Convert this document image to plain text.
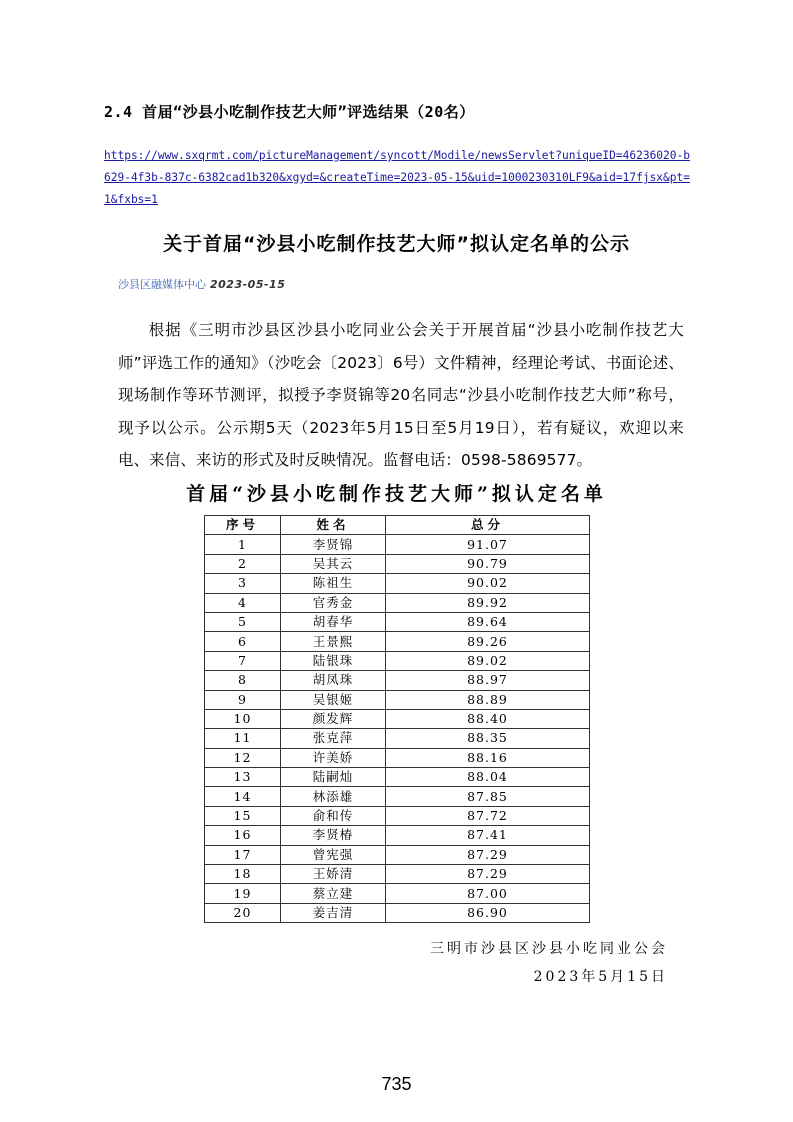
2.4 首届“沙县小吃制作技艺大师”评选结果（20名）
https://www.sxqrmt.com/pictureManagement/syncott/Modile/newsServlet?uniqueID=46236020-b629-4f3b-837c-6382cad1b320&xgyd=&createTime=2023-05-15&uid=1000230310LF9&aid=17fjsx&pt=1&fxbs=1
关于首届“沙县小吃制作技艺大师”拟认定名单的公示
沙县区融媒体中心 2023-05-15

根据《三明市沙县区沙县小吃同业公会关于开展首届“沙县小吃制作技艺大师”评选工作的通知》（沙吃会〔2023〕6号）文件精神，经理论考试、书面论述、现场制作等环节测评，拟授予李贤锦等20名同志“沙县小吃制作技艺大师”称号，现予以公示。公示期5天（2023年5月15日至5月19日），若有疑议，欢迎以来电、来信、来访的形式及时反映情况。监督电话：0598-5869577。

首届“沙县小吃制作技艺大师”拟认定名单
序号	姓名	总分
1	李贤锦	91.07
2	吴其云	90.79
3	陈祖生	90.02
4	官秀金	89.92
5	胡春华	89.64
6	王景熙	89.26
7	陆银珠	89.02
8	胡凤珠	88.97
9	吴银姬	88.89
10	颜发辉	88.40
11	张克萍	88.35
12	许美娇	88.16
13	陆嗣灿	88.04
14	林添雄	87.85
15	俞和传	87.72
16	李贤椿	87.41
17	曾宪强	87.29
18	王娇清	87.29
19	蔡立建	87.00
20	姜吉清	86.90
三明市沙县区沙县小吃同业公会
2023年5月15日
735
